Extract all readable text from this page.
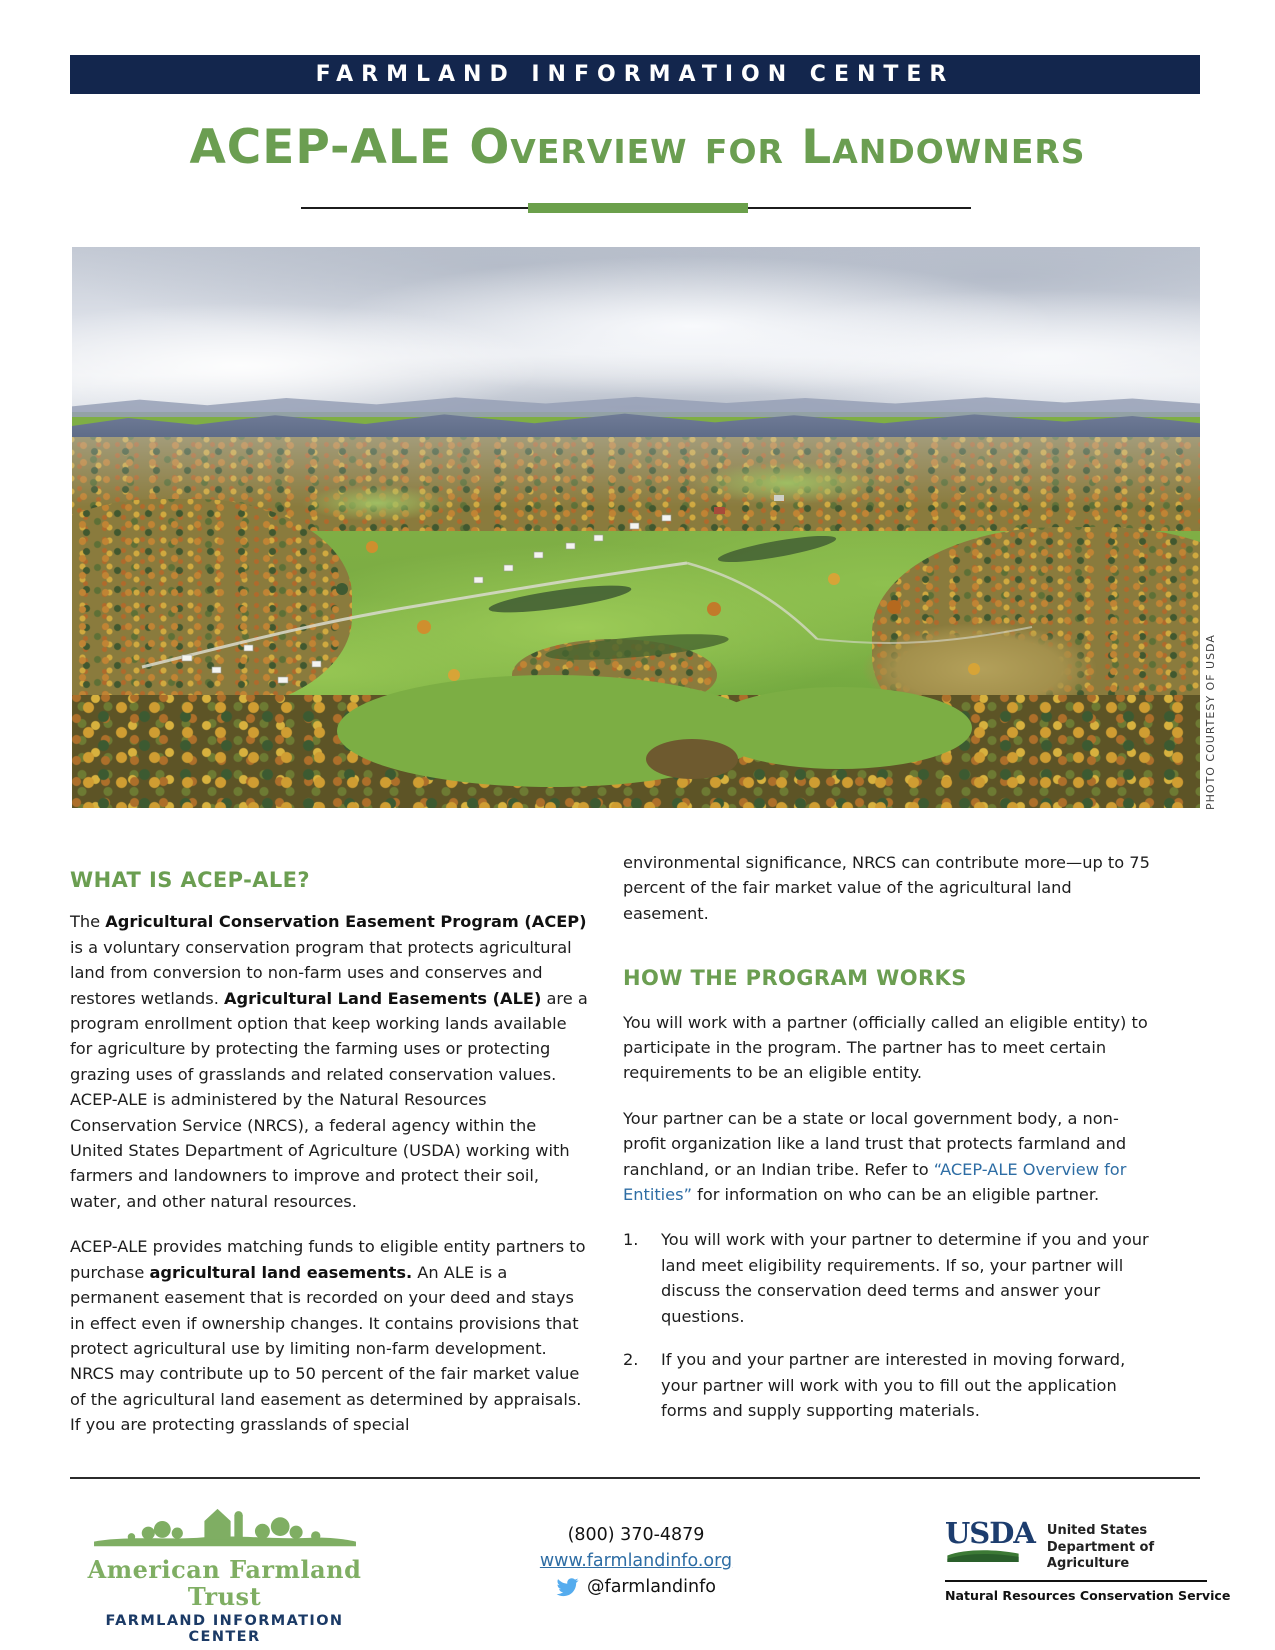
FARMLAND INFORMATION CENTER
ACEP-ALE Overview for Landowners
PHOTO COURTESY OF USDA
WHAT IS ACEP-ALE?

The Agricultural Conservation Easement Program (ACEP) is a voluntary conservation program that protects agricultural land from conversion to non-farm uses and conserves and restores wetlands. Agricultural Land Easements (ALE) are a program enrollment option that keep working lands available for agriculture by protecting the farming uses or protecting grazing uses of grasslands and related conservation values. ACEP-ALE is administered by the Natural Resources Conservation Service (NRCS), a federal agency within the United States Department of Agriculture (USDA) working with farmers and landowners to improve and protect their soil, water, and other natural resources.

ACEP-ALE provides matching funds to eligible entity partners to purchase agricultural land easements. An ALE is a permanent easement that is recorded on your deed and stays in effect even if ownership changes. It contains provisions that protect agricultural use by limiting non-farm development. NRCS may contribute up to 50 percent of the fair market value of the agricultural land easement as determined by appraisals. If you are protecting grasslands of special

environmental significance, NRCS can contribute more—up to 75 percent of the fair market value of the agricultural land easement.

HOW THE PROGRAM WORKS

You will work with a partner (officially called an eligible entity) to participate in the program. The partner has to meet certain requirements to be an eligible entity.

Your partner can be a state or local government body, a non-profit organization like a land trust that protects farmland and ranchland, or an Indian tribe. Refer to “ACEP-ALE Overview for Entities” for information on who can be an eligible partner.

1.	You will work with your partner to determine if you and your land meet eligibility requirements. If so, your partner will discuss the conservation deed terms and answer your questions.
2.	If you and your partner are interested in moving forward, your partner will work with you to fill out the application forms and supply supporting materials.
American Farmland Trust
FARMLAND INFORMATION CENTER
(800) 370-4879
www.farmlandinfo.org
@farmlandinfo
USDA United States
Department of
Agriculture
Natural Resources Conservation Service
